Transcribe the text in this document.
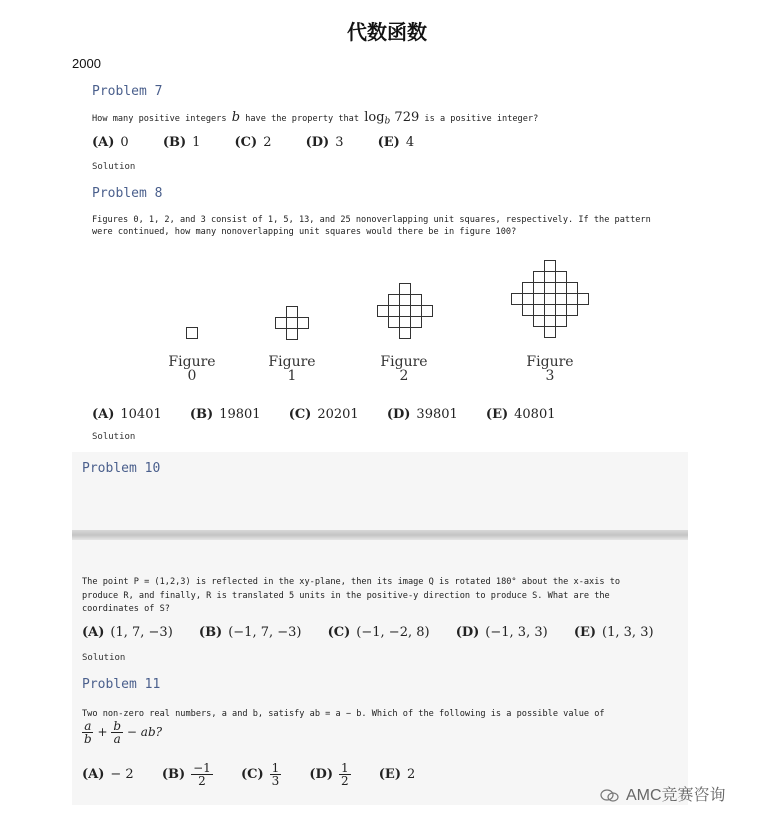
代数函数
2000
Problem 7
How many positive integers b have the property that $\log_b 729$ is a positive integer?
(A) 0	(B) 1	(C) 2	(D) 3	(E) 4
Solution
Problem 8
Figures 0, 1, 2, and 3 consist of 1, 5, 13, and 25 nonoverlapping unit squares, respectively. If the pattern
were continued, how many nonoverlapping unit squares would there be in figure 100?
Figure
0
Figure
1
Figure
2
Figure
3
(A) 10401 (B) 19801 (C) 20201 (D) 39801 (E) 40801
Solution
Problem 10
The point P = (1,2,3) is reflected in the xy-plane, then its image Q is rotated 180° about the x-axis to
produce R, and finally, R is translated 5 units in the positive-y direction to produce S. What are the
coordinates of S?
(A) (1, 7, −3) (B) (−1, 7, −3) (C) (−1, −2, 8) (D) (−1, 3, 3) (E) (1, 3, 3)
Solution
Problem 11
Two non-zero real numbers, a and b, satisfy ab = a − b. Which of the following is a possible value of
$\frac{a}{b} + \frac{b}{a}$ − ab?
(A) − 2 $(B) \frac{-1}{2} (C) \frac{1}{3} (D) \frac{1}{2} (E)$ 2
AMC竞赛咨询
